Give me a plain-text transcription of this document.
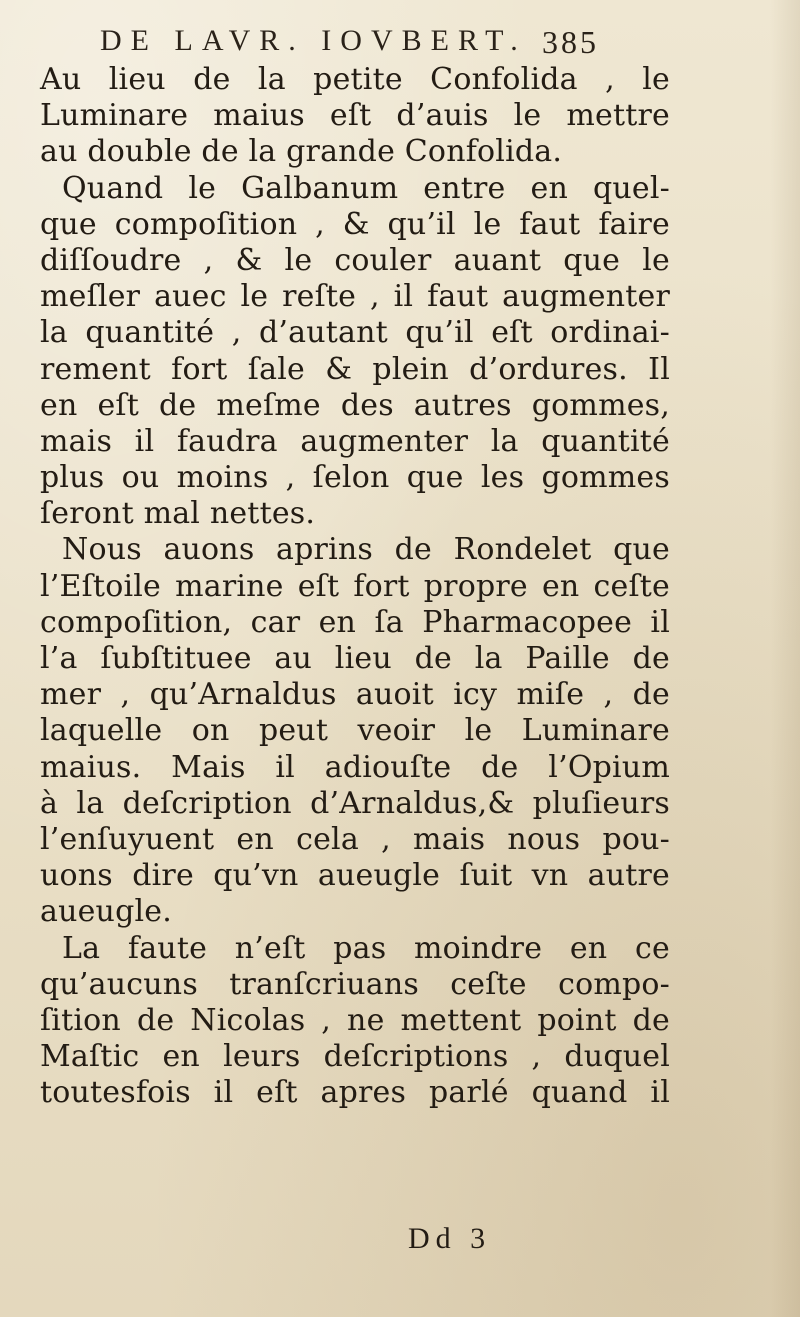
DE LAVR. IOVBERT. 385
Au lieu de la petite Confolida , le
Luminare maius eſt d’auis le mettre
au double de la grande Confolida.
Quand le Galbanum entre en quel-
que compoſition , & qu’il le faut faire
diſſoudre , & le couler auant que le
meſler auec le reſte , il faut augmenter
la quantité , d’autant qu’il eſt ordinai-
rement fort ſale & plein d’ordures. Il
en eſt de meſme des autres gommes,
mais il faudra augmenter la quantité
plus ou moins , ſelon que les gommes
ſeront mal nettes.
Nous auons aprins de Rondelet que
l’Eſtoile marine eſt fort propre en ceſte
compoſition, car en ſa Pharmacopee il
l’a ſubſtituee au lieu de la Paille de
mer , qu’Arnaldus auoit icy miſe , de
laquelle on peut veoir le Luminare
maius. Mais il adiouſte de l’Opium
à la deſcription d’Arnaldus,& pluſieurs
l’enſuyuent en cela , mais nous pou-
uons dire qu’vn aueugle ſuit vn autre
aueugle.
La faute n’eſt pas moindre en ce
qu’aucuns tranſcriuans ceſte compo-
ſition de Nicolas , ne mettent point de
Maſtic en leurs deſcriptions , duquel
toutesfois il eſt apres parlé quand il
Dd 3
